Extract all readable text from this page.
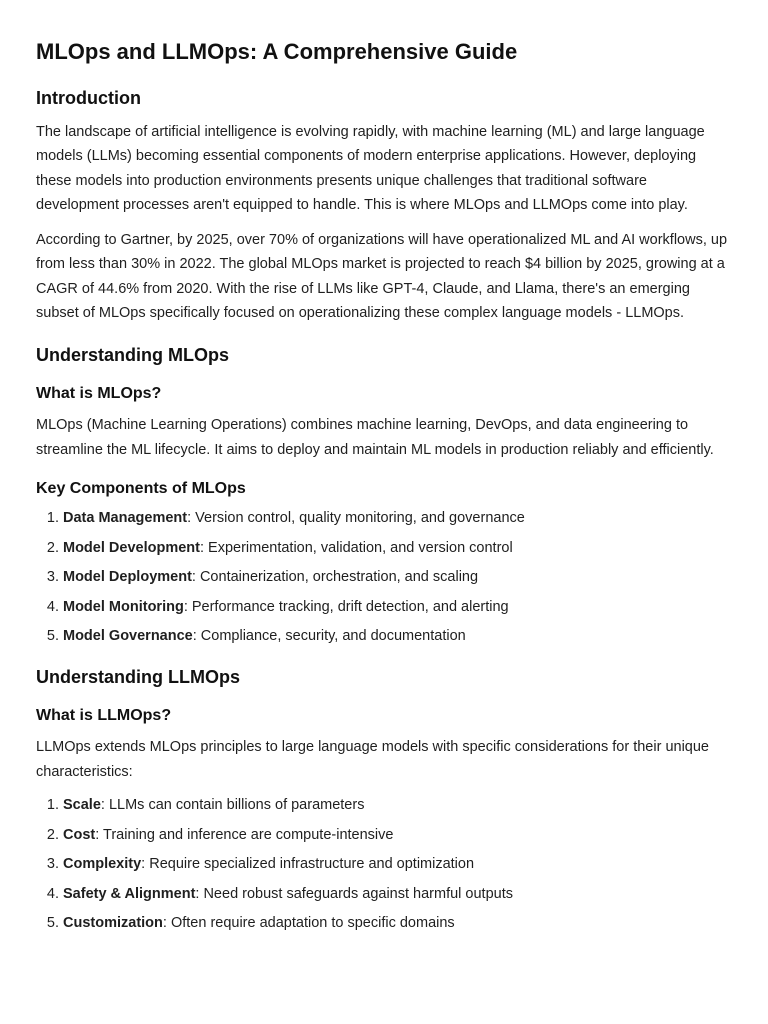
MLOps and LLMOps: A Comprehensive Guide
Introduction

The landscape of artificial intelligence is evolving rapidly, with machine learning (ML) and large language models (LLMs) becoming essential components of modern enterprise applications. However, deploying these models into production environments presents unique challenges that traditional software development processes aren't equipped to handle. This is where MLOps and LLMOps come into play.

According to Gartner, by 2025, over 70% of organizations will have operationalized ML and AI workflows, up from less than 30% in 2022. The global MLOps market is projected to reach $4 billion by 2025, growing at a CAGR of 44.6% from 2020. With the rise of LLMs like GPT-4, Claude, and Llama, there's an emerging subset of MLOps specifically focused on operationalizing these complex language models - LLMOps.

Understanding MLOps
What is MLOps?

MLOps (Machine Learning Operations) combines machine learning, DevOps, and data engineering to streamline the ML lifecycle. It aims to deploy and maintain ML models in production reliably and efficiently.

Key Components of MLOps
1. Data Management: Version control, quality monitoring, and governance
2. Model Development: Experimentation, validation, and version control
3. Model Deployment: Containerization, orchestration, and scaling
4. Model Monitoring: Performance tracking, drift detection, and alerting
5. Model Governance: Compliance, security, and documentation
Understanding LLMOps
What is LLMOps?

LLMOps extends MLOps principles to large language models with specific considerations for their unique characteristics:

1. Scale: LLMs can contain billions of parameters
2. Cost: Training and inference are compute-intensive
3. Complexity: Require specialized infrastructure and optimization
4. Safety & Alignment: Need robust safeguards against harmful outputs
5. Customization: Often require adaptation to specific domains
